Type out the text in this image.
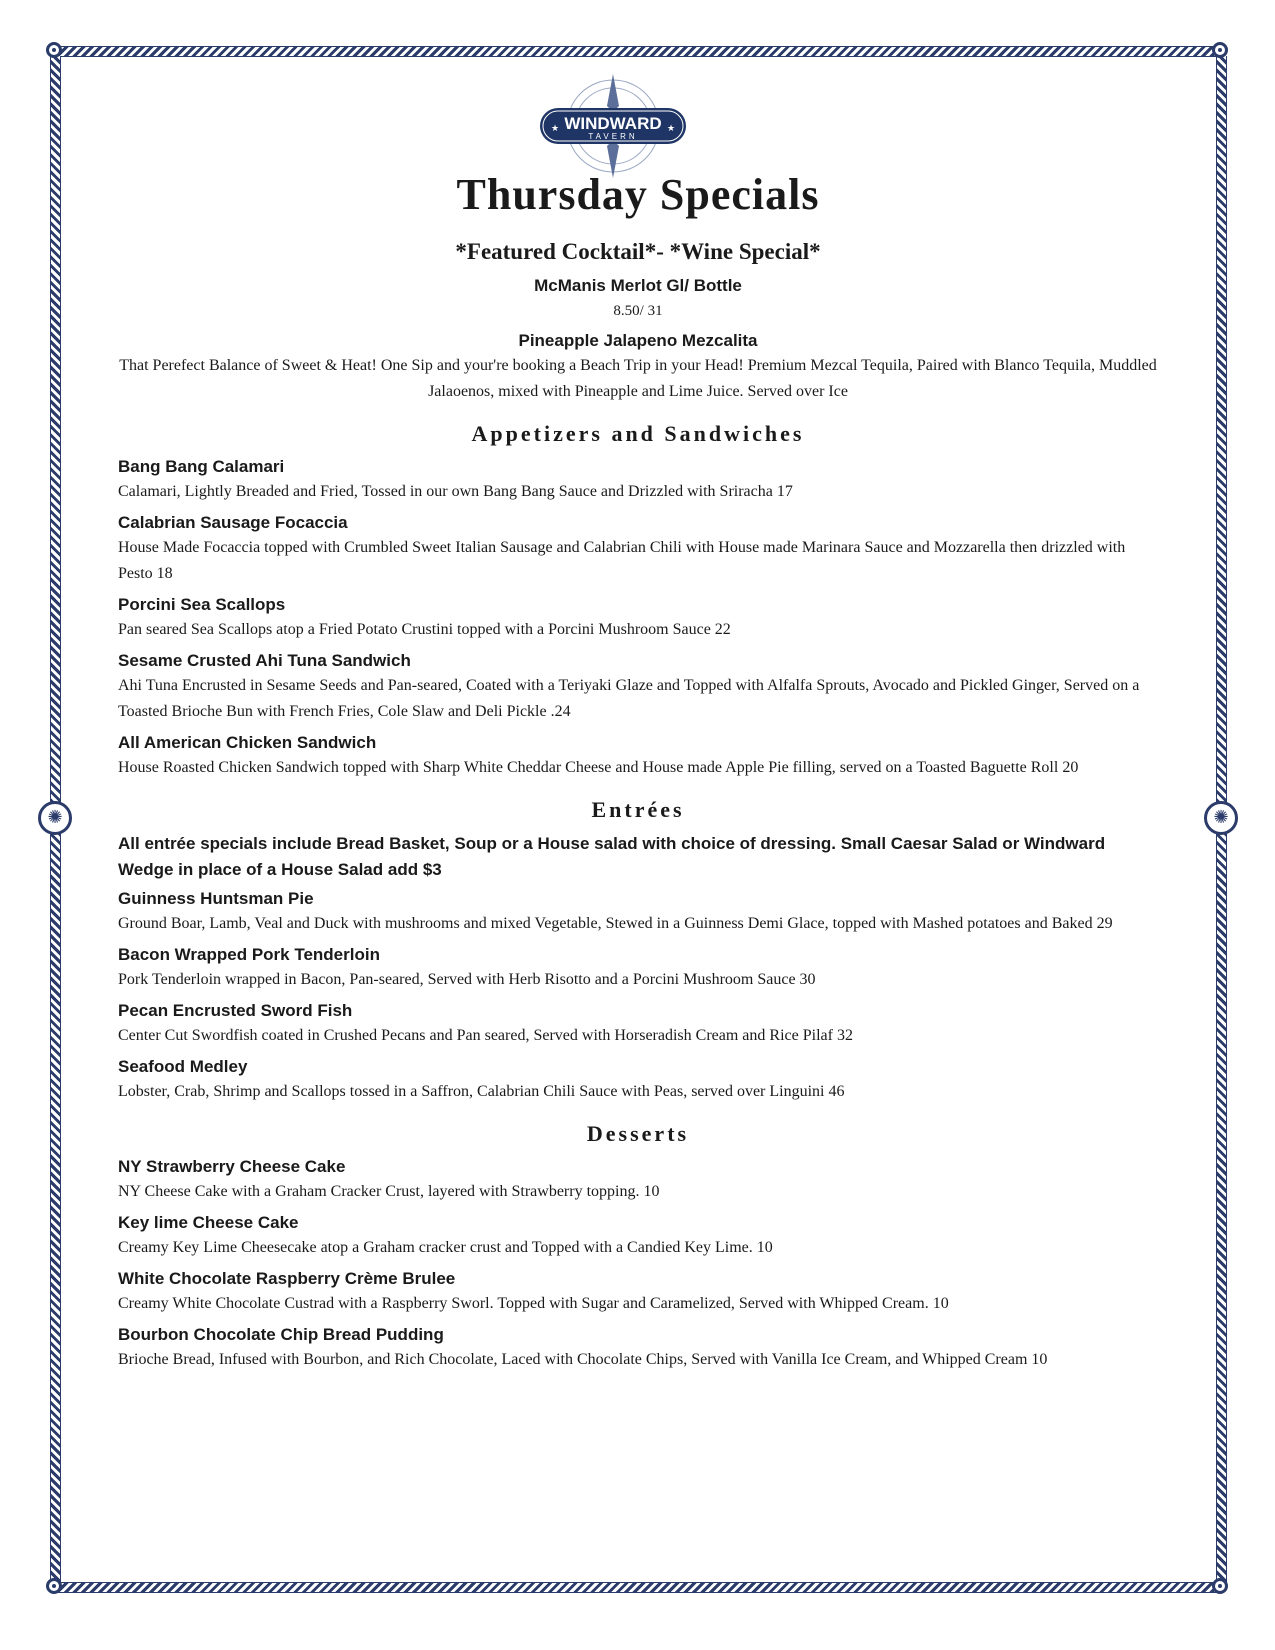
✺	✺
WINDWARD
TAVERN
★	★
Thursday Specials
*Featured Cocktail*- *Wine Special*
McManis Merlot Gl/ Bottle
8.50/ 31
Pineapple Jalapeno Mezcalita
That Perefect Balance of Sweet & Heat! One Sip and your're booking a Beach Trip in your Head! Premium Mezcal Tequila, Paired with Blanco Tequila, Muddled Jalaoenos, mixed with Pineapple and Lime Juice. Served over Ice
Appetizers and Sandwiches
Bang Bang Calamari
Calamari, Lightly Breaded and Fried, Tossed in our own Bang Bang Sauce and Drizzled with Sriracha 17
Calabrian Sausage Focaccia
House Made Focaccia topped with Crumbled Sweet Italian Sausage and Calabrian Chili with House made Marinara Sauce and Mozzarella then drizzled with Pesto 18
Porcini Sea Scallops
Pan seared Sea Scallops atop a Fried Potato Crustini topped with a Porcini Mushroom Sauce 22
Sesame Crusted Ahi Tuna Sandwich
Ahi Tuna Encrusted in Sesame Seeds and Pan-seared, Coated with a Teriyaki Glaze and Topped with Alfalfa Sprouts, Avocado and Pickled Ginger, Served on a Toasted Brioche Bun with French Fries, Cole Slaw and Deli Pickle .24
All American Chicken Sandwich
House Roasted Chicken Sandwich topped with Sharp White Cheddar Cheese and House made Apple Pie filling, served on a Toasted Baguette Roll 20
Entrées
All entrée specials include Bread Basket, Soup or a House salad with choice of dressing. Small Caesar Salad or Windward Wedge in place of a House Salad add $3
Guinness Huntsman Pie
Ground Boar, Lamb, Veal and Duck with mushrooms and mixed Vegetable, Stewed in a Guinness Demi Glace, topped with Mashed potatoes and Baked 29
Bacon Wrapped Pork Tenderloin
Pork Tenderloin wrapped in Bacon, Pan-seared, Served with Herb Risotto and a Porcini Mushroom Sauce 30
Pecan Encrusted Sword Fish
Center Cut Swordfish coated in Crushed Pecans and Pan seared, Served with Horseradish Cream and Rice Pilaf 32
Seafood Medley
Lobster, Crab, Shrimp and Scallops tossed in a Saffron, Calabrian Chili Sauce with Peas, served over Linguini 46
Desserts
NY Strawberry Cheese Cake
NY Cheese Cake with a Graham Cracker Crust, layered with Strawberry topping. 10
Key lime Cheese Cake
Creamy Key Lime Cheesecake atop a Graham cracker crust and Topped with a Candied Key Lime. 10
White Chocolate Raspberry Crème Brulee
Creamy White Chocolate Custrad with a Raspberry Sworl. Topped with Sugar and Caramelized, Served with Whipped Cream. 10
Bourbon Chocolate Chip Bread Pudding
Brioche Bread, Infused with Bourbon, and Rich Chocolate, Laced with Chocolate Chips, Served with Vanilla Ice Cream, and Whipped Cream 10
